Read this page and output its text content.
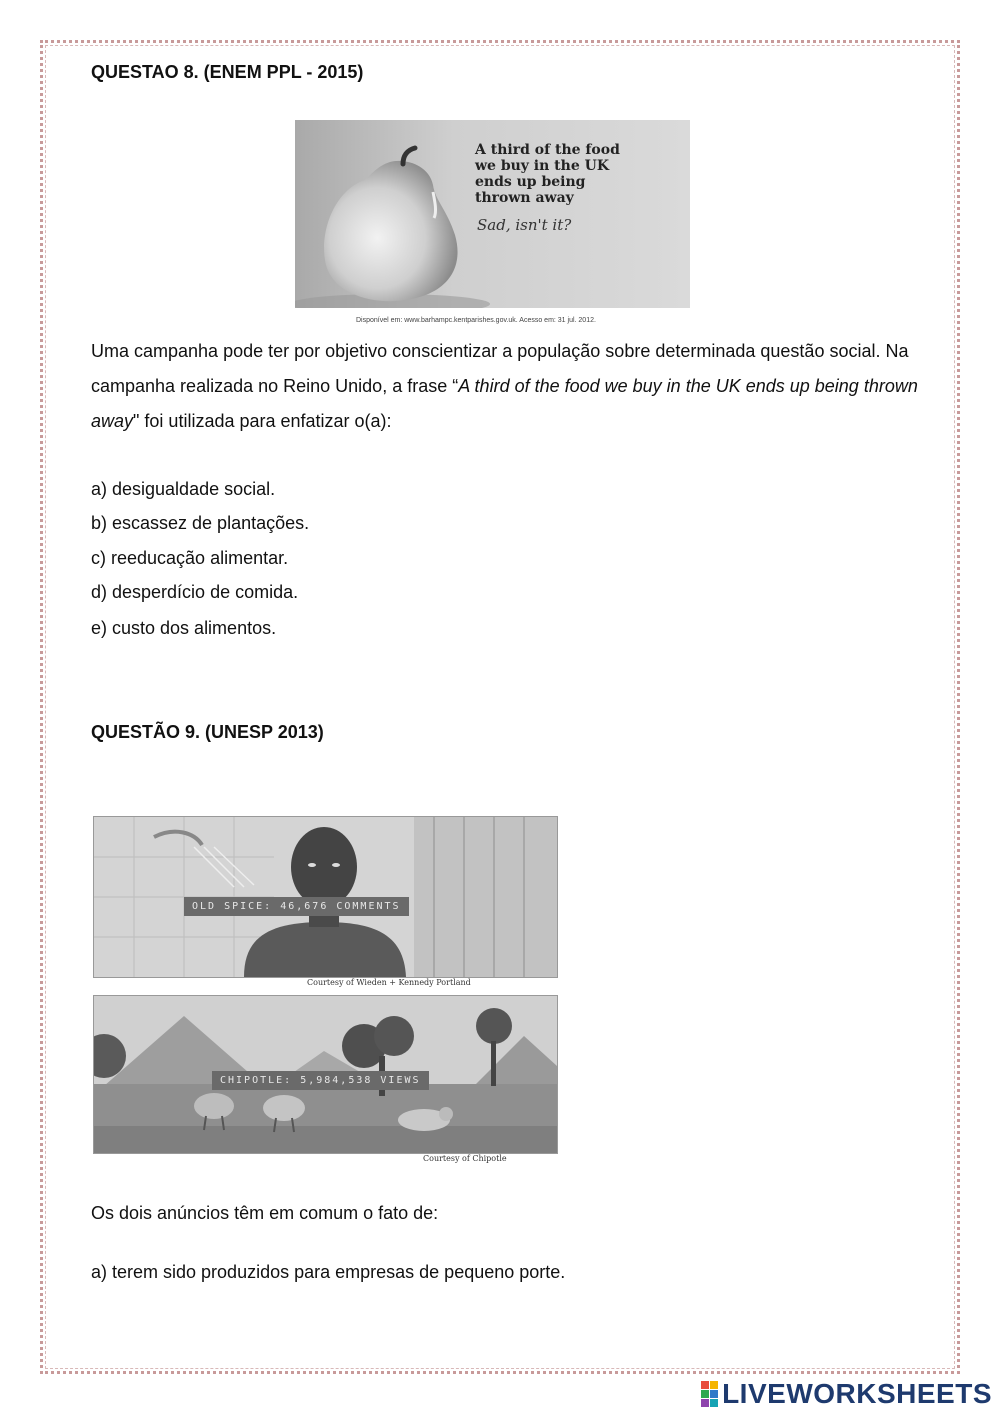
QUESTAO 8. (ENEM PPL - 2015)

A third of the food
we buy in the UK
ends up being
thrown away
Sad, isn't it?
Disponível em: www.barhampc.kentparishes.gov.uk. Acesso em: 31 jul. 2012.

Uma campanha pode ter por objetivo conscientizar a população sobre determinada questão social. Na campanha realizada no Reino Unido, a frase “A third of the food we buy in the UK ends up being thrown away" foi utilizada para enfatizar o(a):

a) desigualdade social.

b) escassez de plantações.

c) reeducação alimentar.

d) desperdício de comida.

e) custo dos alimentos.

QUESTÃO 9. (UNESP 2013)

OLD SPICE: 46,676 COMMENTS
Courtesy of Wieden + Kennedy Portland
CHIPOTLE: 5,984,538 VIEWS
Courtesy of Chipotle

Os dois anúncios têm em comum o fato de:

a) terem sido produzidos para empresas de pequeno porte.

LIVEWORKSHEETS
